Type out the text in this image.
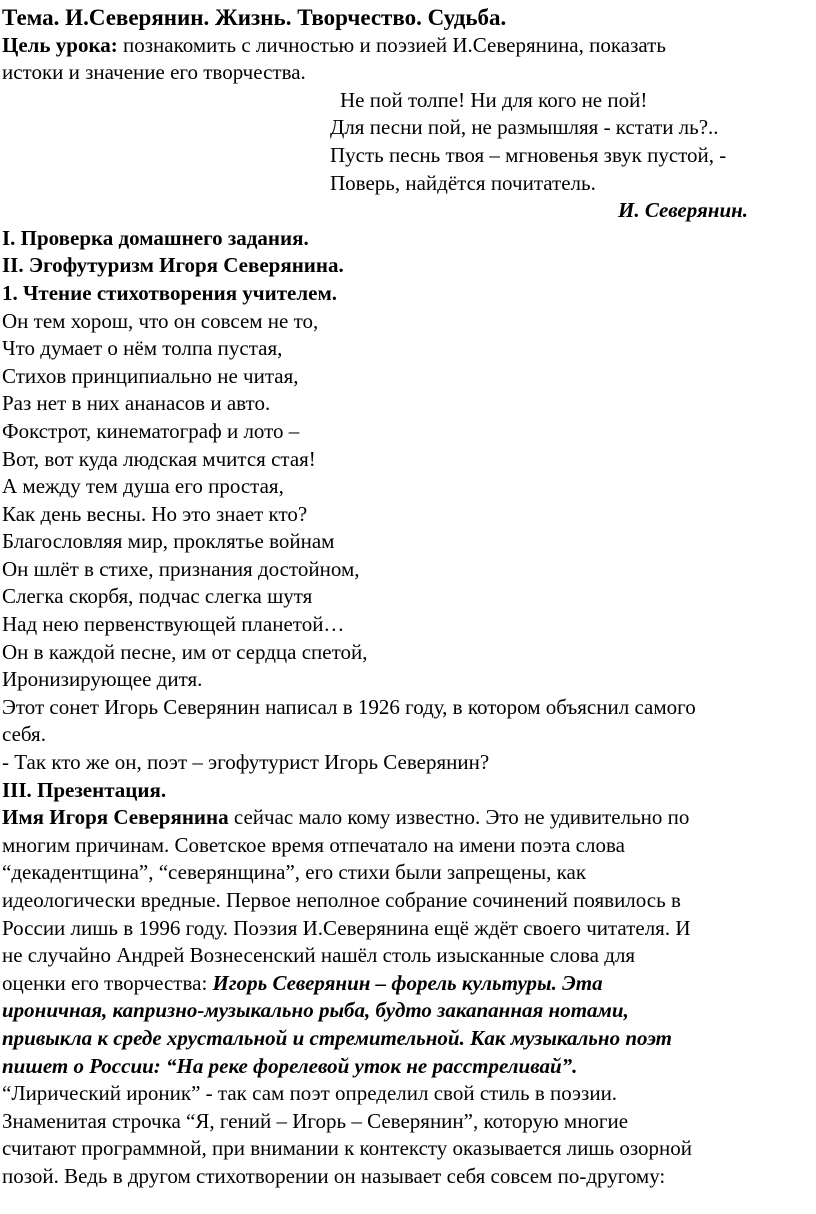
Тема. И.Северянин. Жизнь. Творчество. Судьба.
Цель урока: познакомить с личностью и поэзией И.Северянина, показать
истоки и значение его творчества.
Не пой толпе! Ни для кого не пой!
Для песни пой, не размышляя - кстати ль?..
Пусть песнь твоя – мгновенья звук пустой, -
Поверь, найдётся почитатель.
И. Северянин.
I. Проверка домашнего задания.
II. Эгофутуризм Игоря Северянина.
1. Чтение стихотворения учителем.
Он тем хорош, что он совсем не то,
Что думает о нём толпа пустая,
Стихов принципиально не читая,
Раз нет в них ананасов и авто.
Фокстрот, кинематограф и лото –
Вот, вот куда людская мчится стая!
А между тем душа его простая,
Как день весны. Но это знает кто?
Благословляя мир, проклятье войнам
Он шлёт в стихе, признания достойном,
Слегка скорбя, подчас слегка шутя
Над нею первенствующей планетой…
Он в каждой песне, им от сердца спетой,
Иронизирующее дитя.
Этот сонет Игорь Северянин написал в 1926 году, в котором объяснил самого
себя.
- Так кто же он, поэт – эгофутурист Игорь Северянин?
III. Презентация.
Имя Игоря Северянина сейчас мало кому известно. Это не удивительно по
многим причинам. Советское время отпечатало на имени поэта слова
“декадентщина”, “северянщина”, его стихи были запрещены, как
идеологически вредные. Первое неполное собрание сочинений появилось в
России лишь в 1996 году. Поэзия И.Северянина ещё ждёт своего читателя. И
не случайно Андрей Вознесенский нашёл столь изысканные слова для
оценки его творчества: Игорь Северянин – форель культуры. Эта
ироничная, капризно-музыкально рыба, будто закапанная нотами,
привыкла к среде хрустальной и стремительной. Как музыкально поэт
пишет о России: “На реке форелевой уток не расстреливай”.
“Лирический ироник” - так сам поэт определил свой стиль в поэзии.
Знаменитая строчка “Я, гений – Игорь – Северянин”, которую многие
считают программной, при внимании к контексту оказывается лишь озорной
позой. Ведь в другом стихотворении он называет себя совсем по-другому:
